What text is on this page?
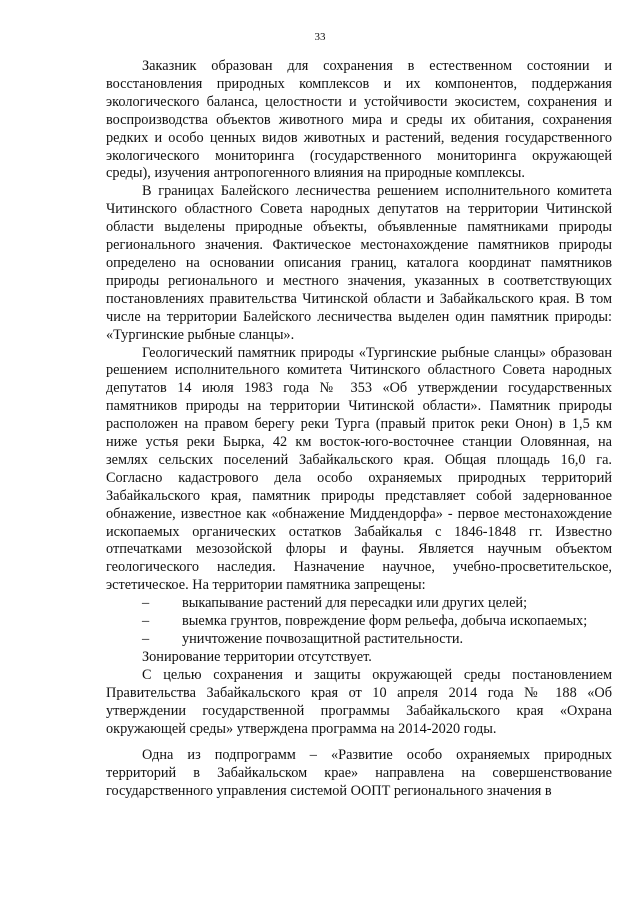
33

Заказник образован для сохранения в естественном состоянии и восстановления природных комплексов и их компонентов, поддержания экологического баланса, целостности и устойчивости экосистем, сохранения и воспроизводства объектов животного мира и среды их обитания, сохранения редких и особо ценных видов животных и растений, ведения государственного экологического мониторинга (государственного мониторинга окружающей среды), изучения антропогенного влияния на природные комплексы.

В границах Балейского лесничества решением исполнительного комитета Читинского областного Совета народных депутатов на территории Читинской области выделены природные объекты, объявленные памятниками природы регионального значения. Фактическое местонахождение памятников природы определено на основании описания границ, каталога координат памятников природы регионального и местного значения, указанных в соответствующих постановлениях правительства Читинской области и Забайкальского края. В том числе на территории Балейского лесничества выделен один памятник природы: «Тургинские рыбные сланцы».

Геологический памятник природы «Тургинские рыбные сланцы» образован решением исполнительного комитета Читинского областного Совета народных депутатов 14 июля 1983 года № 353 «Об утверждении государственных памятников природы на территории Читинской области». Памятник природы расположен на правом берегу реки Турга (правый приток реки Онон) в 1,5 км ниже устья реки Бырка, 42 км восток-юго-восточнее станции Оловянная, на землях сельских поселений Забайкальского края. Общая площадь 16,0 га. Согласно кадастрового дела особо охраняемых природных территорий Забайкальского края, памятник природы представляет собой задернованное обнажение, известное как «обнажение Миддендорфа» - первое местонахождение ископаемых органических остатков Забайкалья с 1846-1848 гг. Известно отпечатками мезозойской флоры и фауны. Является научным объектом геологического наследия. Назначение научное, учебно-просветительское, эстетическое. На территории памятника запрещены:

– выкапывание растений для пересадки или других целей;

– выемка грунтов, повреждение форм рельефа, добыча ископаемых;

– уничтожение почвозащитной растительности.

Зонирование территории отсутствует.

С целью сохранения и защиты окружающей среды постановлением Правительства Забайкальского края от 10 апреля 2014 года № 188 «Об утверждении государственной программы Забайкальского края «Охрана окружающей среды» утверждена программа на 2014-2020 годы.

Одна из подпрограмм – «Развитие особо охраняемых природных территорий в Забайкальском крае» направлена на совершенствование государственного управления системой ООПТ регионального значения в
